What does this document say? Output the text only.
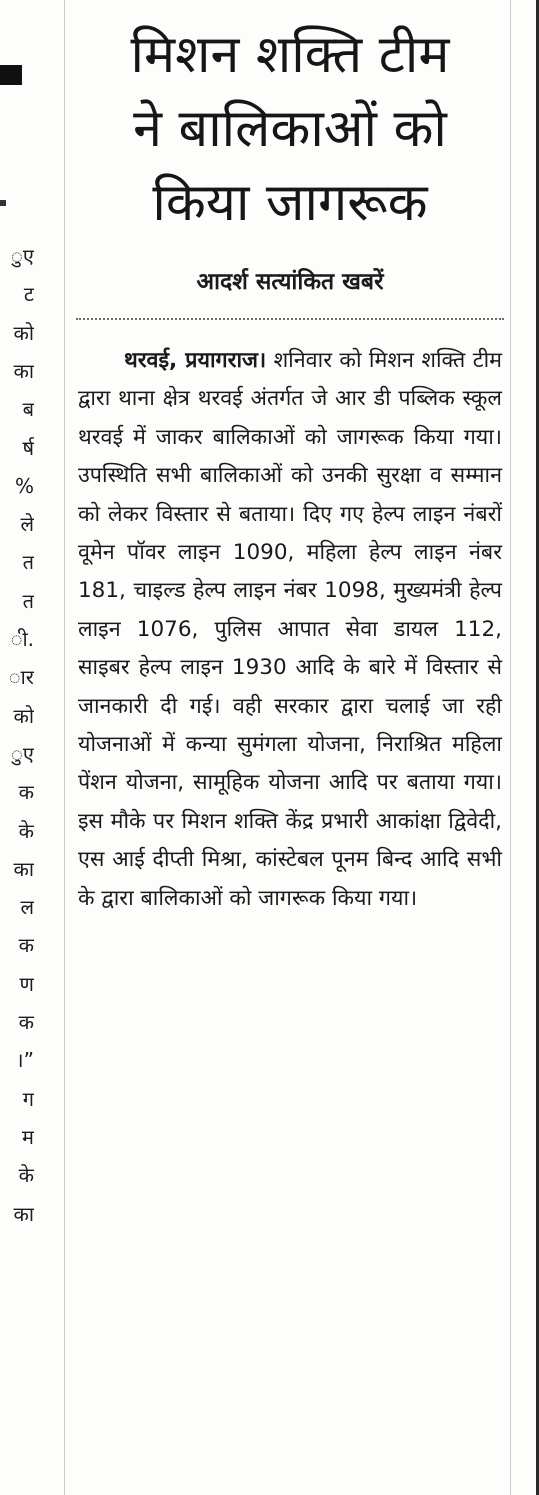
ुए
ट
को
का
ब
र्ष
%
ले
त
त
ी.
ार
को
ुए
क
के
का
ल
क
ण
क
।”
ग
म
के
का
मिशन शक्ति टीम
ने बालिकाओं को
किया जागरूक
आदर्श सत्यांकित खबरें

थरवई, प्रयागराज। शनिवार को मिशन शक्ति टीम द्वारा थाना क्षेत्र थरवई अंतर्गत जे आर डी पब्लिक स्कूल थरवई में जाकर बालिकाओं को जागरूक किया गया। उपस्थिति सभी बालिकाओं को उनकी सुरक्षा व सम्मान को लेकर विस्तार से बताया। दिए गए हेल्प लाइन नंबरों वूमेन पॉवर लाइन 1090, महिला हेल्प लाइन नंबर 181, चाइल्ड हेल्प लाइन नंबर 1098, मुख्यमंत्री हेल्प लाइन 1076, पुलिस आपात सेवा डायल 112, साइबर हेल्प लाइन 1930 आदि के बारे में विस्तार से जानकारी दी गई। वही सरकार द्वारा चलाई जा रही योजनाओं में कन्या सुमंगला योजना, निराश्रित महिला पेंशन योजना, सामूहिक योजना आदि पर बताया गया। इस मौके पर मिशन शक्ति केंद्र प्रभारी आकांक्षा द्विवेदी, एस आई दीप्ती मिश्रा, कांस्टेबल पूनम बिन्द आदि सभी के द्वारा बालिकाओं को जागरूक किया गया।
